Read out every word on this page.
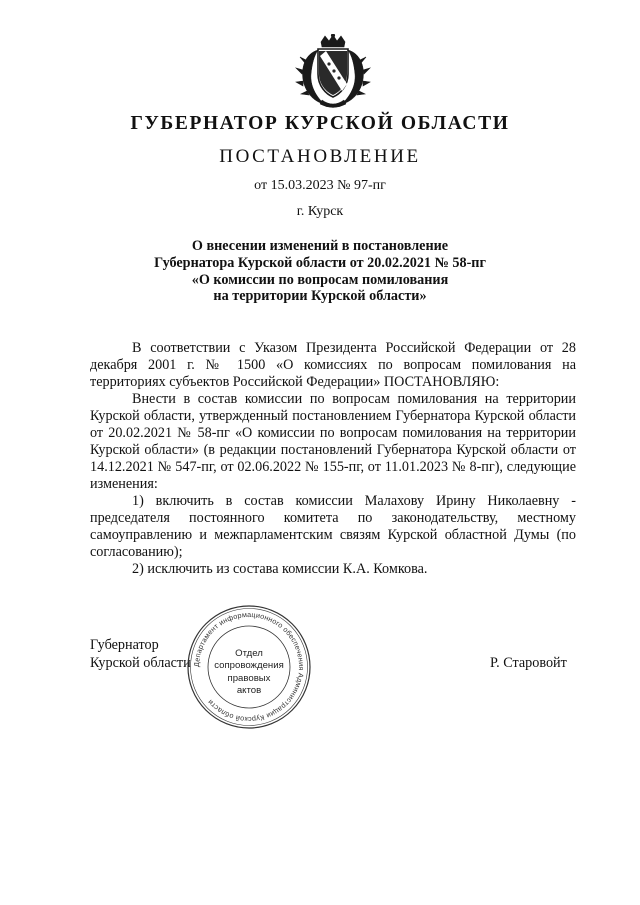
ГУБЕРНАТОР КУРСКОЙ ОБЛАСТИ
ПОСТАНОВЛЕНИЕ
от 15.03.2023 № 97-пг
г. Курск
О внесении изменений в постановление
Губернатора Курской области от 20.02.2021 № 58-пг
«О комиссии по вопросам помилования
на территории Курской области»

В соответствии с Указом Президента Российской Федерации от 28 декабря 2001 г. № 1500 «О комиссиях по вопросам помилования на территориях субъектов Российской Федерации» ПОСТАНОВЛЯЮ:

Внести в состав комиссии по вопросам помилования на территории Курской области, утвержденный постановлением Губернатора Курской области от 20.02.2021 № 58-пг «О комиссии по вопросам помилования на территории Курской области» (в редакции постановлений Губернатора Курской области от 14.12.2021 № 547-пг, от 02.06.2022 № 155-пг, от 11.01.2023 № 8-пг), следующие изменения:

1) включить в состав комиссии Малахову Ирину Николаевну - председателя постоянного комитета по законодательству, местному самоуправлению и межпарламентским связям Курской областной Думы (по согласованию);

2) исключить из состава комиссии К.А. Комкова.

Губернатор
Курской области Департамент информационного обеспечения Администрации Курской области
Отдел
сопровождения
правовых
актов
Р. Старовойт
